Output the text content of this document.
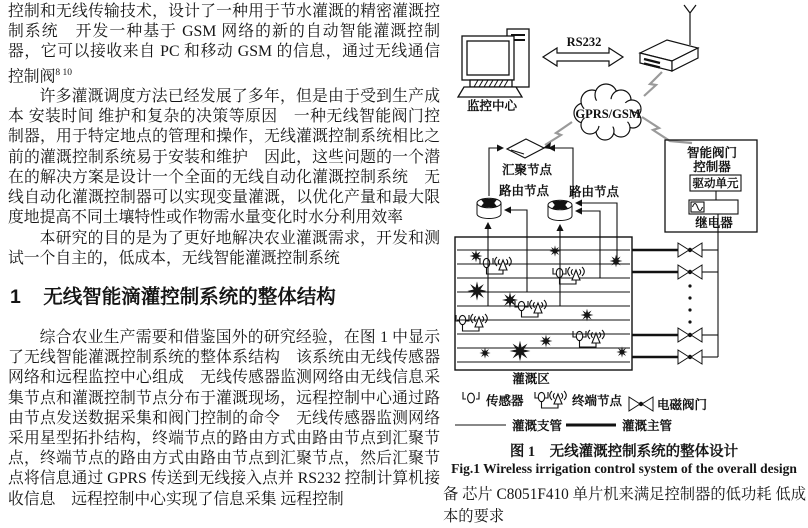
控制和无线传输技术，设计了一种用于节水灌溉的精密灌溉控制系统　开发一种基于 GSM 网络的新的自动智能灌溉控制器，它可以接收来自 PC 和移动 GSM 的信息，通过无线通信控制阀$^{8 10}$

许多灌溉调度方法已经发展了多年，但是由于受到生产成本 安装时间 维护和复杂的决策等原因　一种无线智能阀门控制器，用于特定地点的管理和操作，无线灌溉控制系统相比之前的灌溉控制系统易于安装和维护　因此，这些问题的一个潜在的解决方案是设计一个全面的无线自动化灌溉控制系统　无线自动化灌溉控制器可以实现变量灌溉，以优化产量和最大限度地提高不同土壤特性或作物需水量变化时水分利用效率

本研究的目的是为了更好地解决农业灌溉需求，开发和测试一个自主的，低成本，无线智能灌溉控制系统

1 无线智能滴灌控制系统的整体结构

综合农业生产需要和借鉴国外的研究经验，在图 1 中显示了无线智能灌溉控制系统的整体系结构　该系统由无线传感器网络和远程监控中心组成　无线传感器监测网络由无线信息采集节点和灌溉控制节点分布于灌溉现场，远程控制中心通过路由节点发送数据采集和阀门控制的命令　无线传感器监测网络采用星型拓扑结构，终端节点的路由方式由路由节点到汇聚节点，终端节点的路由方式由路由节点到汇聚节点，然后汇聚节点将信息通过 GPRS 传送到无线接入点并 RS232 控制计算机接收信息　远程控制中心实现了信息采集 远程控制

监控中心
RS232
GPRS/GSM
汇聚节点
路由节点 路由节点
智能阀门
控制器
驱动单元
继电器
灌溉区
传感器	终端节点	电磁阀门
灌溉支管	灌溉主管
图 1　无线灌溉控制系统的整体设计
Fig.1 Wireless irrigation control system of the overall design
备 芯片 C8051F410 单片机来满足控制器的低功耗 低成本的要求
